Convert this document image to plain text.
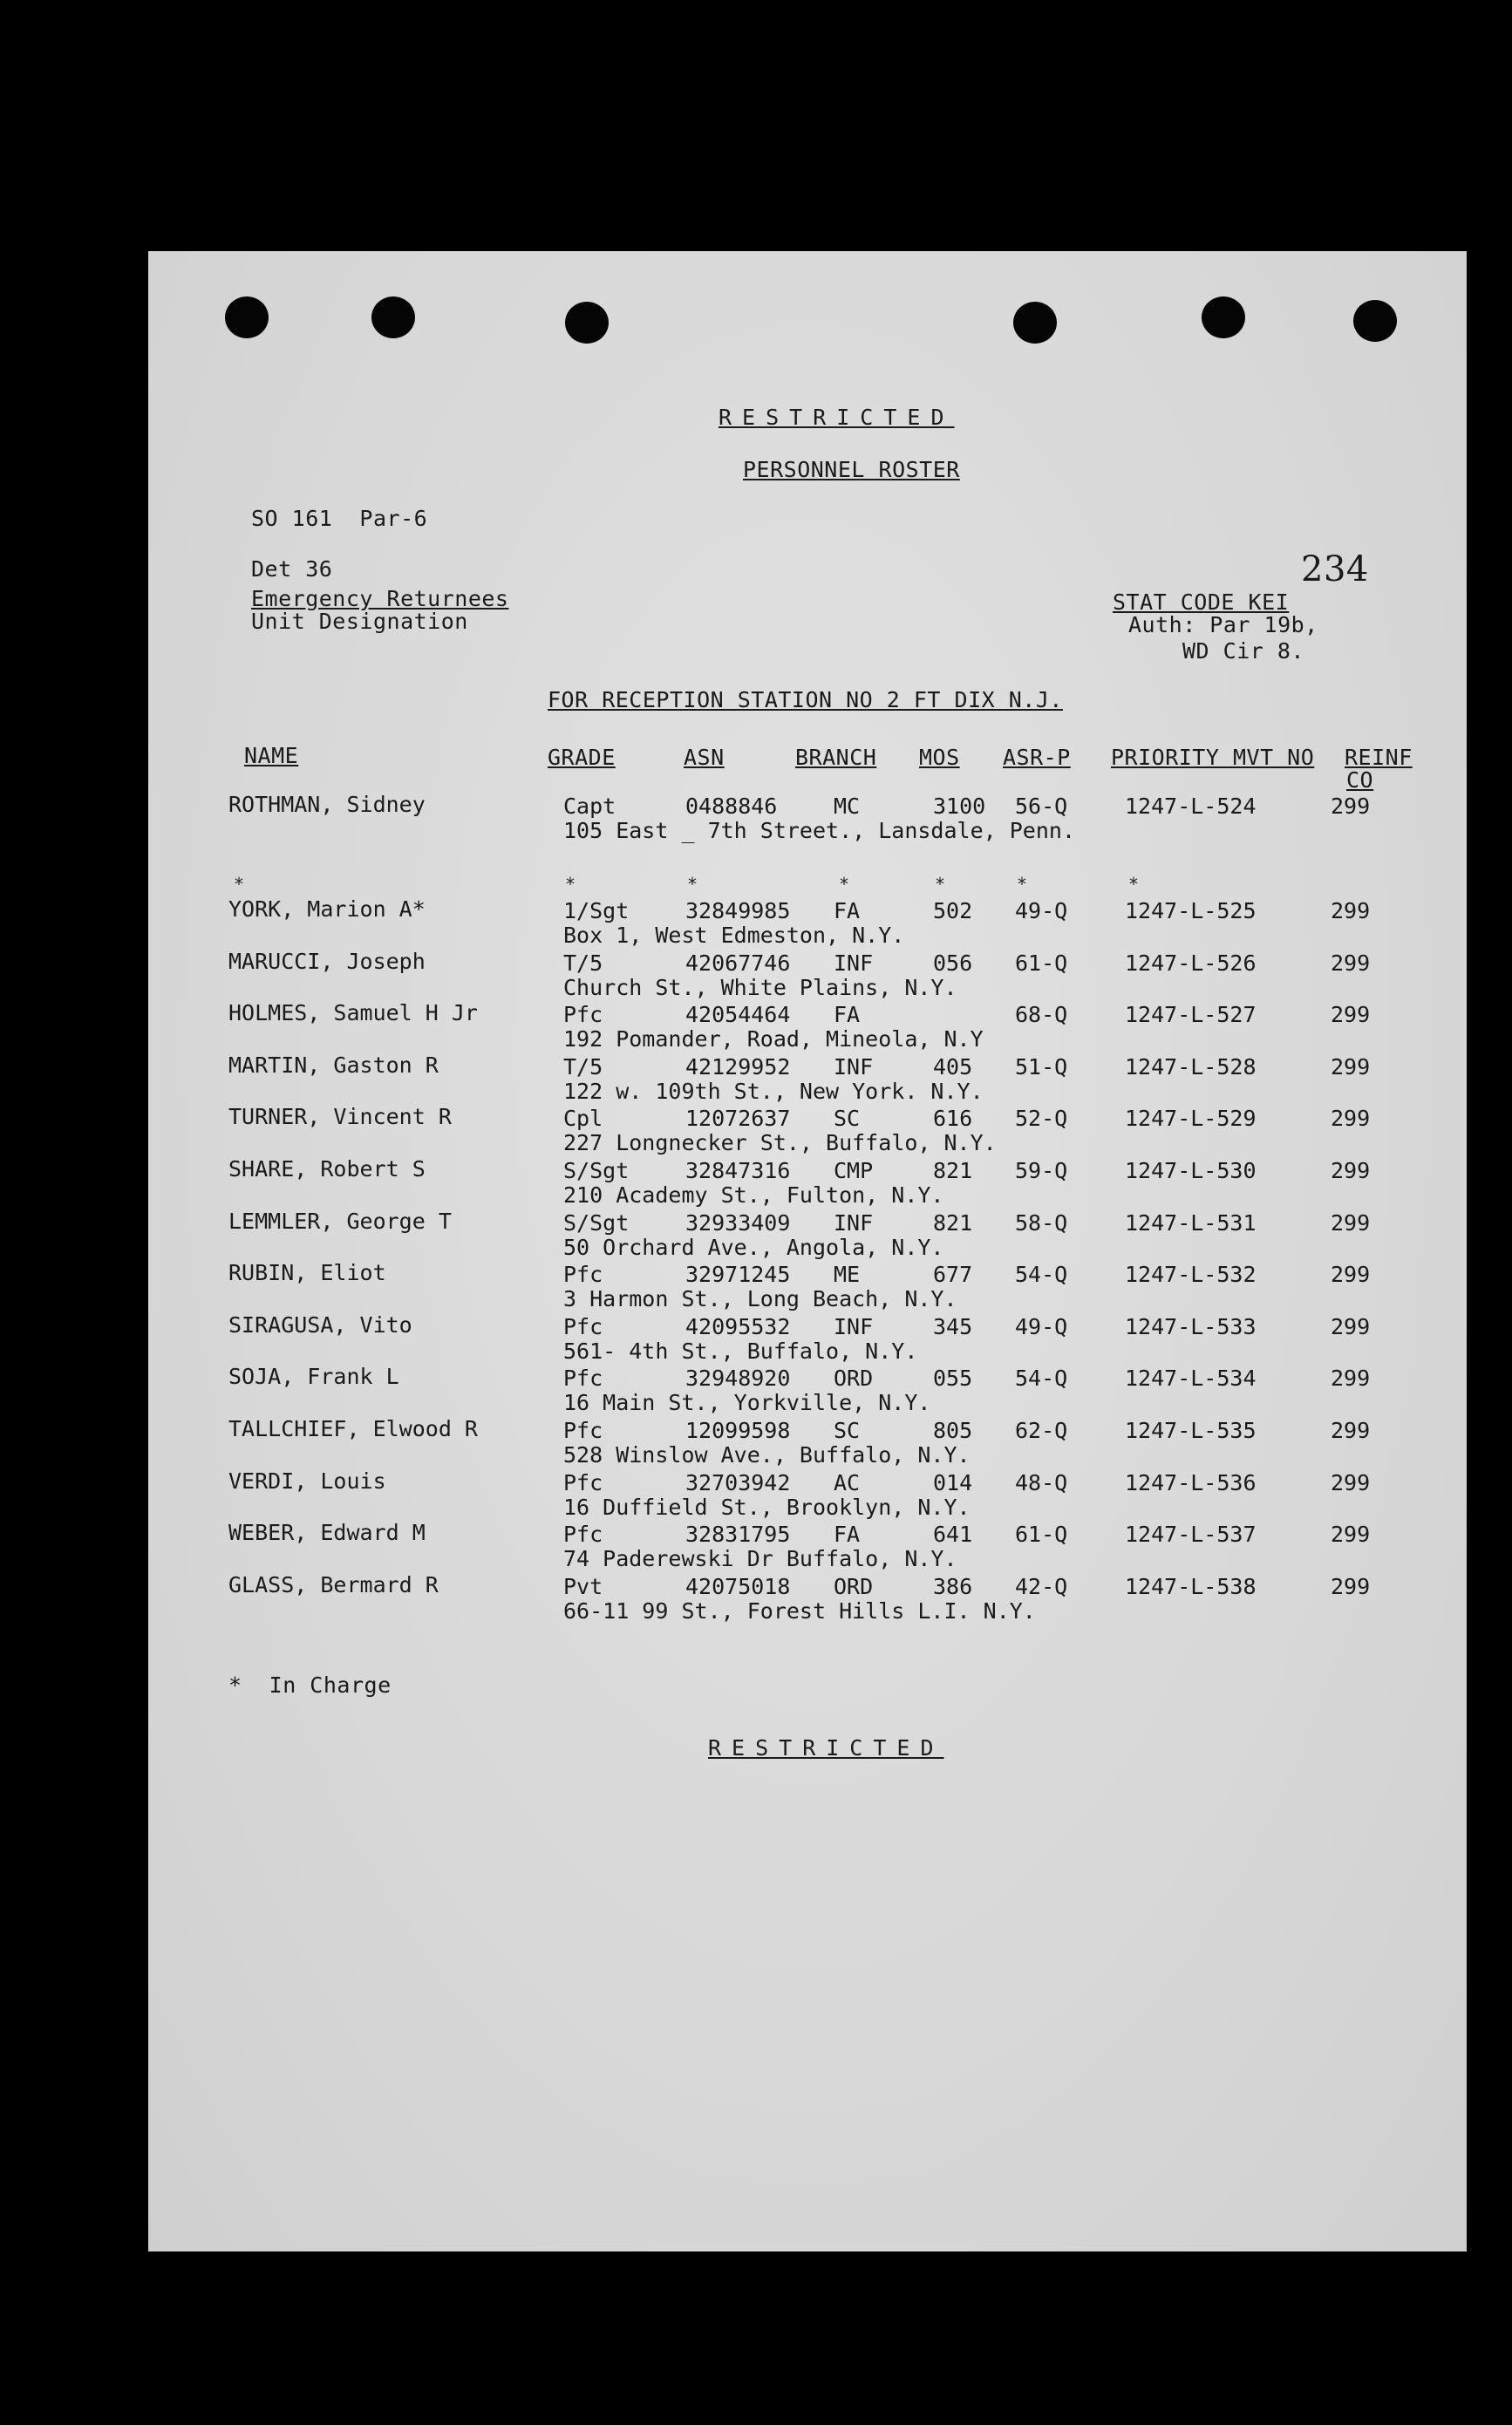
RESTRICTED
PERSONNEL ROSTER
SO 161  Par-6
Det 36
Emergency Returnees
Unit Designation
234
STAT CODE KEI
Auth: Par 19b,
WD Cir 8.
FOR RECEPTION STATION NO 2 FT DIX N.J.
NAME	GRADE	ASN	BRANCH MOS ASR-P PRIORITY MVT NO REINF
CO
ROTHMAN, Sidney	Capt	0488846	MC	3100 56-Q	1247-L-524	299
105 East _ 7th Street., Lansdale, Penn.
*	*	*	*	*	*	*
YORK, Marion A*	1/Sgt	32849985 FA	502 49-Q	1247-L-525	299
Box 1, West Edmeston, N.Y.
MARUCCI, Joseph	T/5	42067746 INF	056 61-Q	1247-L-526	299
Church St., White Plains, N.Y.
HOLMES, Samuel H Jr	Pfc	42054464 FA	68-Q	1247-L-527	299
192 Pomander, Road, Mineola, N.Y
MARTIN, Gaston R	T/5	42129952 INF	405 51-Q	1247-L-528	299
122 w. 109th St., New York. N.Y.
TURNER, Vincent R	Cpl	12072637 SC	616 52-Q	1247-L-529	299
227 Longnecker St., Buffalo, N.Y.
SHARE, Robert S	S/Sgt	32847316 CMP	821 59-Q	1247-L-530	299
210 Academy St., Fulton, N.Y.
LEMMLER, George T	S/Sgt	32933409 INF	821 58-Q	1247-L-531	299
50 Orchard Ave., Angola, N.Y.
RUBIN, Eliot	Pfc	32971245 ME	677 54-Q	1247-L-532	299
3 Harmon St., Long Beach, N.Y.
SIRAGUSA, Vito	Pfc	42095532 INF	345 49-Q	1247-L-533	299
561- 4th St., Buffalo, N.Y.
SOJA, Frank L	Pfc	32948920 ORD	055 54-Q	1247-L-534	299
16 Main St., Yorkville, N.Y.
TALLCHIEF, Elwood R	Pfc	12099598 SC	805 62-Q	1247-L-535	299
528 Winslow Ave., Buffalo, N.Y.
VERDI, Louis	Pfc	32703942 AC	014 48-Q	1247-L-536	299
16 Duffield St., Brooklyn, N.Y.
WEBER, Edward M	Pfc	32831795 FA	641 61-Q	1247-L-537	299
74 Paderewski Dr Buffalo, N.Y.
GLASS, Bermard R	Pvt	42075018 ORD	386 42-Q	1247-L-538	299
66-11 99 St., Forest Hills L.I. N.Y.
*  In Charge
RESTRICTED
